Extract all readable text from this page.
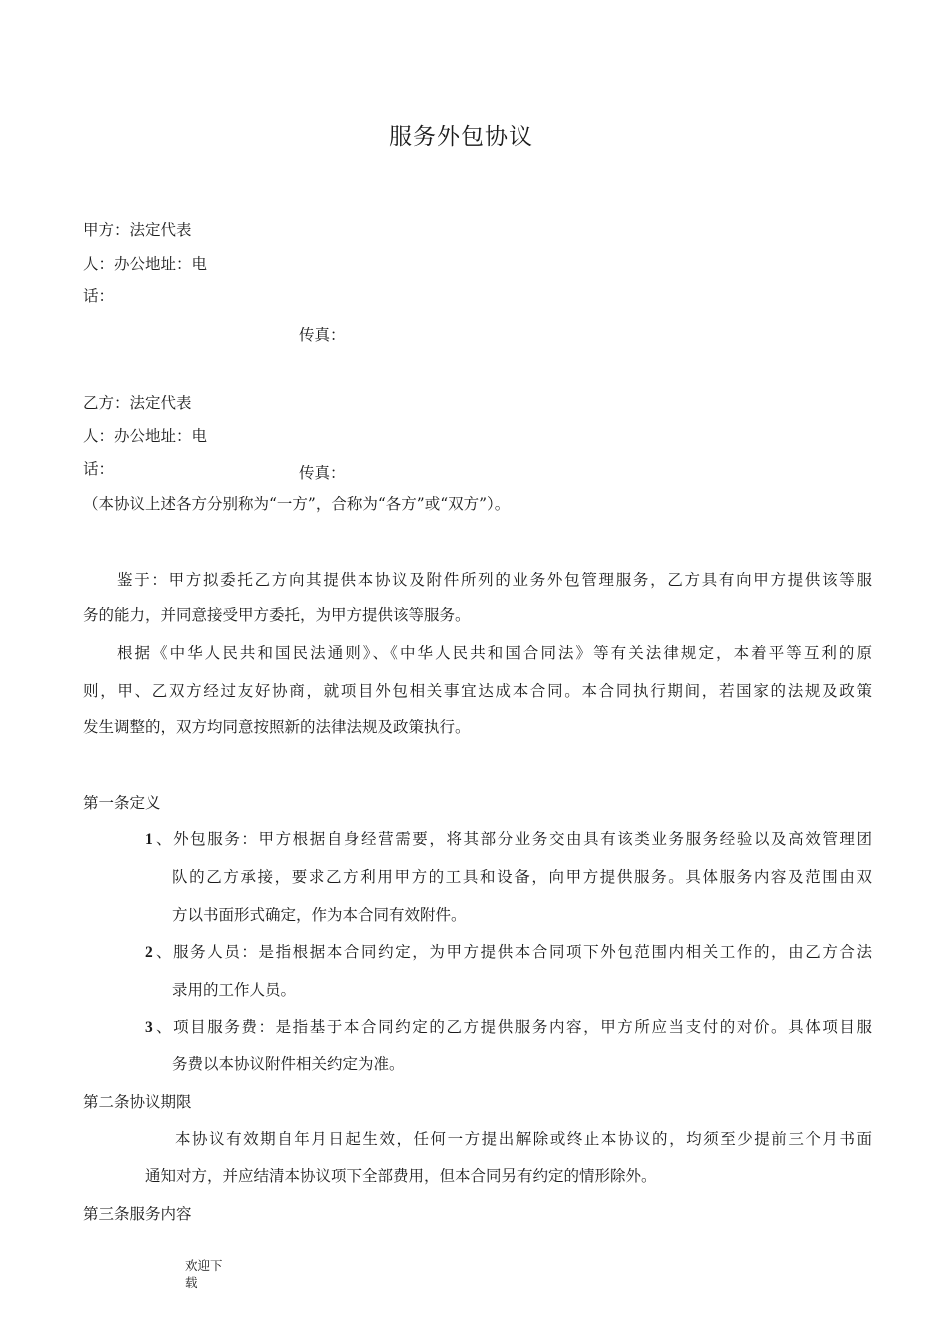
服务外包协议
甲方：法定代表
人：办公地址：电
话：
传真：
乙方：法定代表
人：办公地址：电
话：	传真：
（本协议上述各方分别称为“一方”，合称为“各方”或“双方”）。
鉴于：甲方拟委托乙方向其提供本协议及附件所列的业务外包管理服务，乙方具有向甲方提供该等服
务的能力，并同意接受甲方委托，为甲方提供该等服务。
根据《中华人民共和国民法通则》、《中华人民共和国合同法》等有关法律规定，本着平等互利的原
则，甲、乙双方经过友好协商，就项目外包相关事宜达成本合同。本合同执行期间，若国家的法规及政策
发生调整的，双方均同意按照新的法律法规及政策执行。
第一条定义
1 、外包服务：甲方根据自身经营需要，将其部分业务交由具有该类业务服务经验以及高效管理团
队的乙方承接，要求乙方利用甲方的工具和设备，向甲方提供服务。具体服务内容及范围由双
方以书面形式确定，作为本合同有效附件。
2 、服务人员：是指根据本合同约定，为甲方提供本合同项下外包范围内相关工作的，由乙方合法
录用的工作人员。
3 、项目服务费：是指基于本合同约定的乙方提供服务内容，甲方所应当支付的对价。具体项目服
务费以本协议附件相关约定为准。
第二条协议期限
本协议有效期自年月日起生效，任何一方提出解除或终止本协议的，均须至少提前三个月书面
通知对方，并应结清本协议项下全部费用，但本合同另有约定的情形除外。
第三条服务内容
欢迎下
载
